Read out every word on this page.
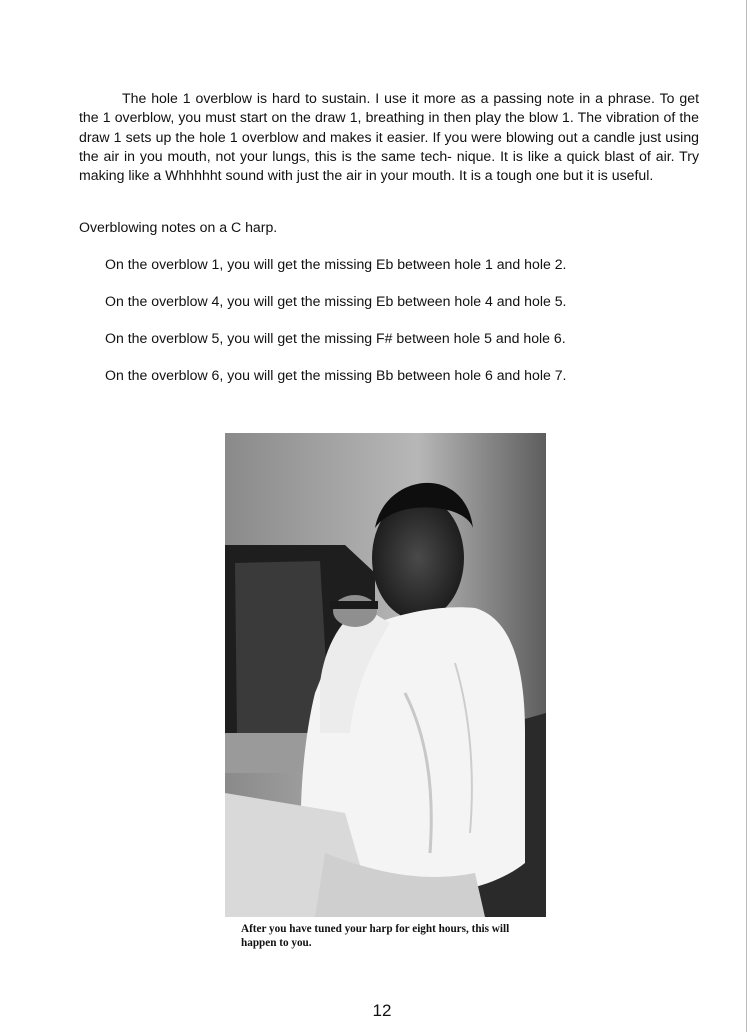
The hole 1 overblow is hard to sustain. I use it more as a passing note in a phrase. To get the 1 overblow, you must start on the draw 1, breathing in then play the blow 1. The vibration of the draw 1 sets up the hole 1 overblow and makes it easier. If you were blowing out a candle just using the air in you mouth, not your lungs, this is the same tech- nique. It is like a quick blast of air. Try making like a Whhhhht sound with just the air in your mouth. It is a tough one but it is useful.

Overblowing notes on a C harp.

On the overblow 1, you will get the missing Eb between hole 1 and hole 2.
On the overblow 4, you will get the missing Eb between hole 4 and hole 5.
On the overblow 5, you will get the missing F# between hole 5 and hole 6.
On the overblow 6, you will get the missing Bb between hole 6 and hole 7.

After you have tuned your harp for eight hours, this will happen to you.

12
